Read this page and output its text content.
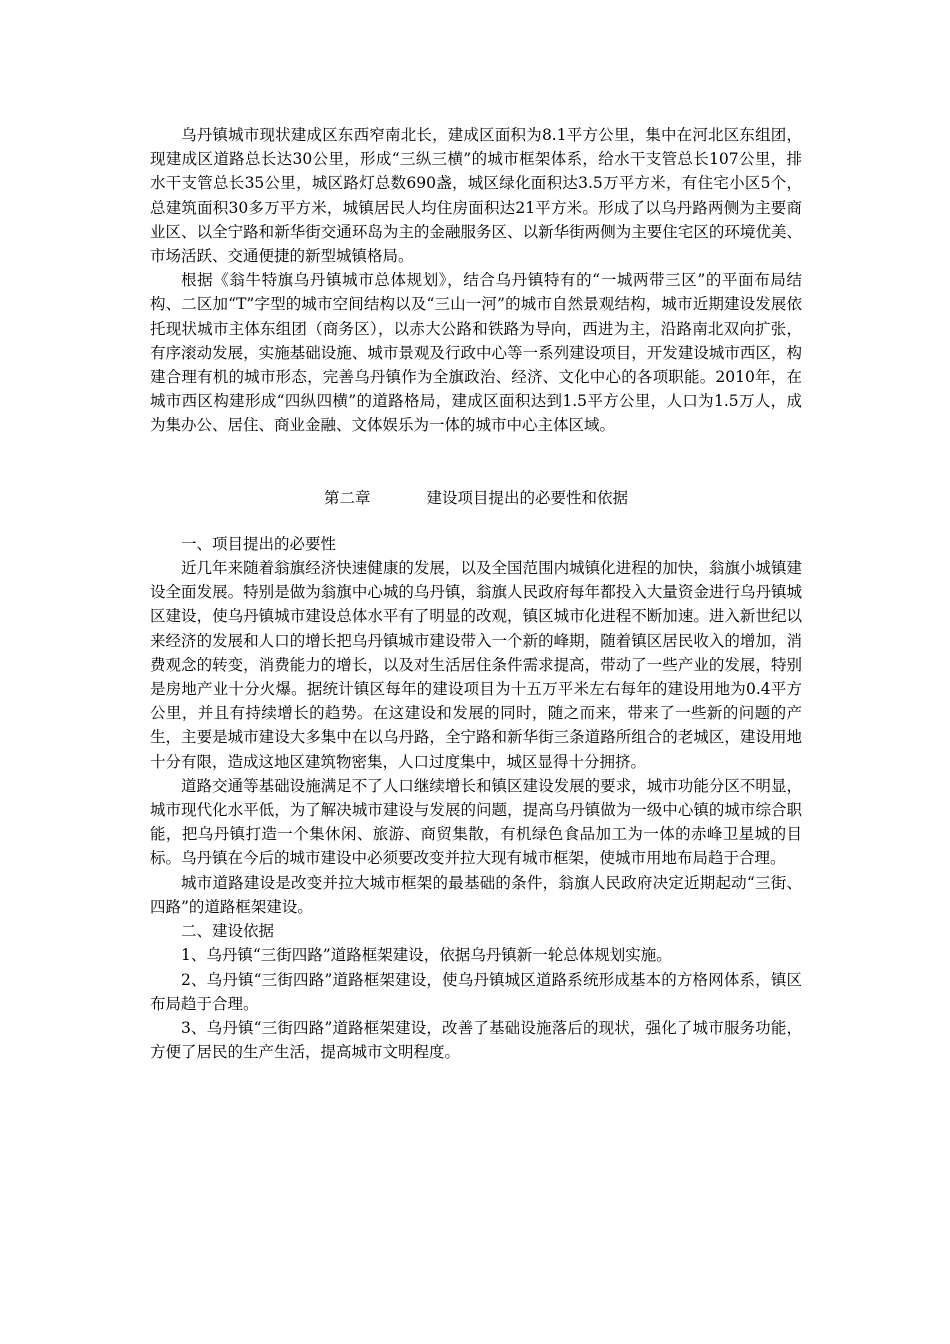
乌丹镇城市现状建成区东西窄南北长，建成区面积为8.1平方公里，集中在河北区东组团，现建成区道路总长达30公里，形成“三纵三横”的城市框架体系，给水干支管总长107公里，排水干支管总长35公里，城区路灯总数690盏，城区绿化面积达3.5万平方米，有住宅小区5个，总建筑面积30多万平方米，城镇居民人均住房面积达21平方米。形成了以乌丹路两侧为主要商业区、以全宁路和新华街交通环岛为主的金融服务区、以新华街两侧为主要住宅区的环境优美、市场活跃、交通便捷的新型城镇格局。

根据《翁牛特旗乌丹镇城市总体规划》，结合乌丹镇特有的“一城两带三区”的平面布局结构、二区加“T”字型的城市空间结构以及“三山一河”的城市自然景观结构，城市近期建设发展依托现状城市主体东组团（商务区），以赤大公路和铁路为导向，西进为主，沿路南北双向扩张，有序滚动发展，实施基础设施、城市景观及行政中心等一系列建设项目，开发建设城市西区，构建合理有机的城市形态，完善乌丹镇作为全旗政治、经济、文化中心的各项职能。2010年，在城市西区构建形成“四纵四横”的道路格局，建成区面积达到1.5平方公里，人口为1.5万人，成为集办公、居住、商业金融、文体娱乐为一体的城市中心主体区域。

第二章	建设项目提出的必要性和依据

一、项目提出的必要性

近几年来随着翁旗经济快速健康的发展，以及全国范围内城镇化进程的加快，翁旗小城镇建设全面发展。特别是做为翁旗中心城的乌丹镇，翁旗人民政府每年都投入大量资金进行乌丹镇城区建设，使乌丹镇城市建设总体水平有了明显的改观，镇区城市化进程不断加速。进入新世纪以来经济的发展和人口的增长把乌丹镇城市建设带入一个新的峰期，随着镇区居民收入的增加，消费观念的转变，消费能力的增长，以及对生活居住条件需求提高，带动了一些产业的发展，特别是房地产业十分火爆。据统计镇区每年的建设项目为十五万平米左右每年的建设用地为0.4平方公里，并且有持续增长的趋势。在这建设和发展的同时，随之而来，带来了一些新的问题的产生，主要是城市建设大多集中在以乌丹路，全宁路和新华街三条道路所组合的老城区，建设用地十分有限，造成这地区建筑物密集，人口过度集中，城区显得十分拥挤。

道路交通等基础设施满足不了人口继续增长和镇区建设发展的要求，城市功能分区不明显，城市现代化水平低，为了解决城市建设与发展的问题，提高乌丹镇做为一级中心镇的城市综合职能，把乌丹镇打造一个集休闲、旅游、商贸集散，有机绿色食品加工为一体的赤峰卫星城的目标。乌丹镇在今后的城市建设中必须要改变并拉大现有城市框架，使城市用地布局趋于合理。

城市道路建设是改变并拉大城市框架的最基础的条件，翁旗人民政府决定近期起动“三街、四路”的道路框架建设。

二、建设依据

1、乌丹镇“三街四路”道路框架建设，依据乌丹镇新一轮总体规划实施。

2、乌丹镇“三街四路”道路框架建设，使乌丹镇城区道路系统形成基本的方格网体系，镇区布局趋于合理。

3、乌丹镇“三街四路”道路框架建设，改善了基础设施落后的现状，强化了城市服务功能，方便了居民的生产生活，提高城市文明程度。
